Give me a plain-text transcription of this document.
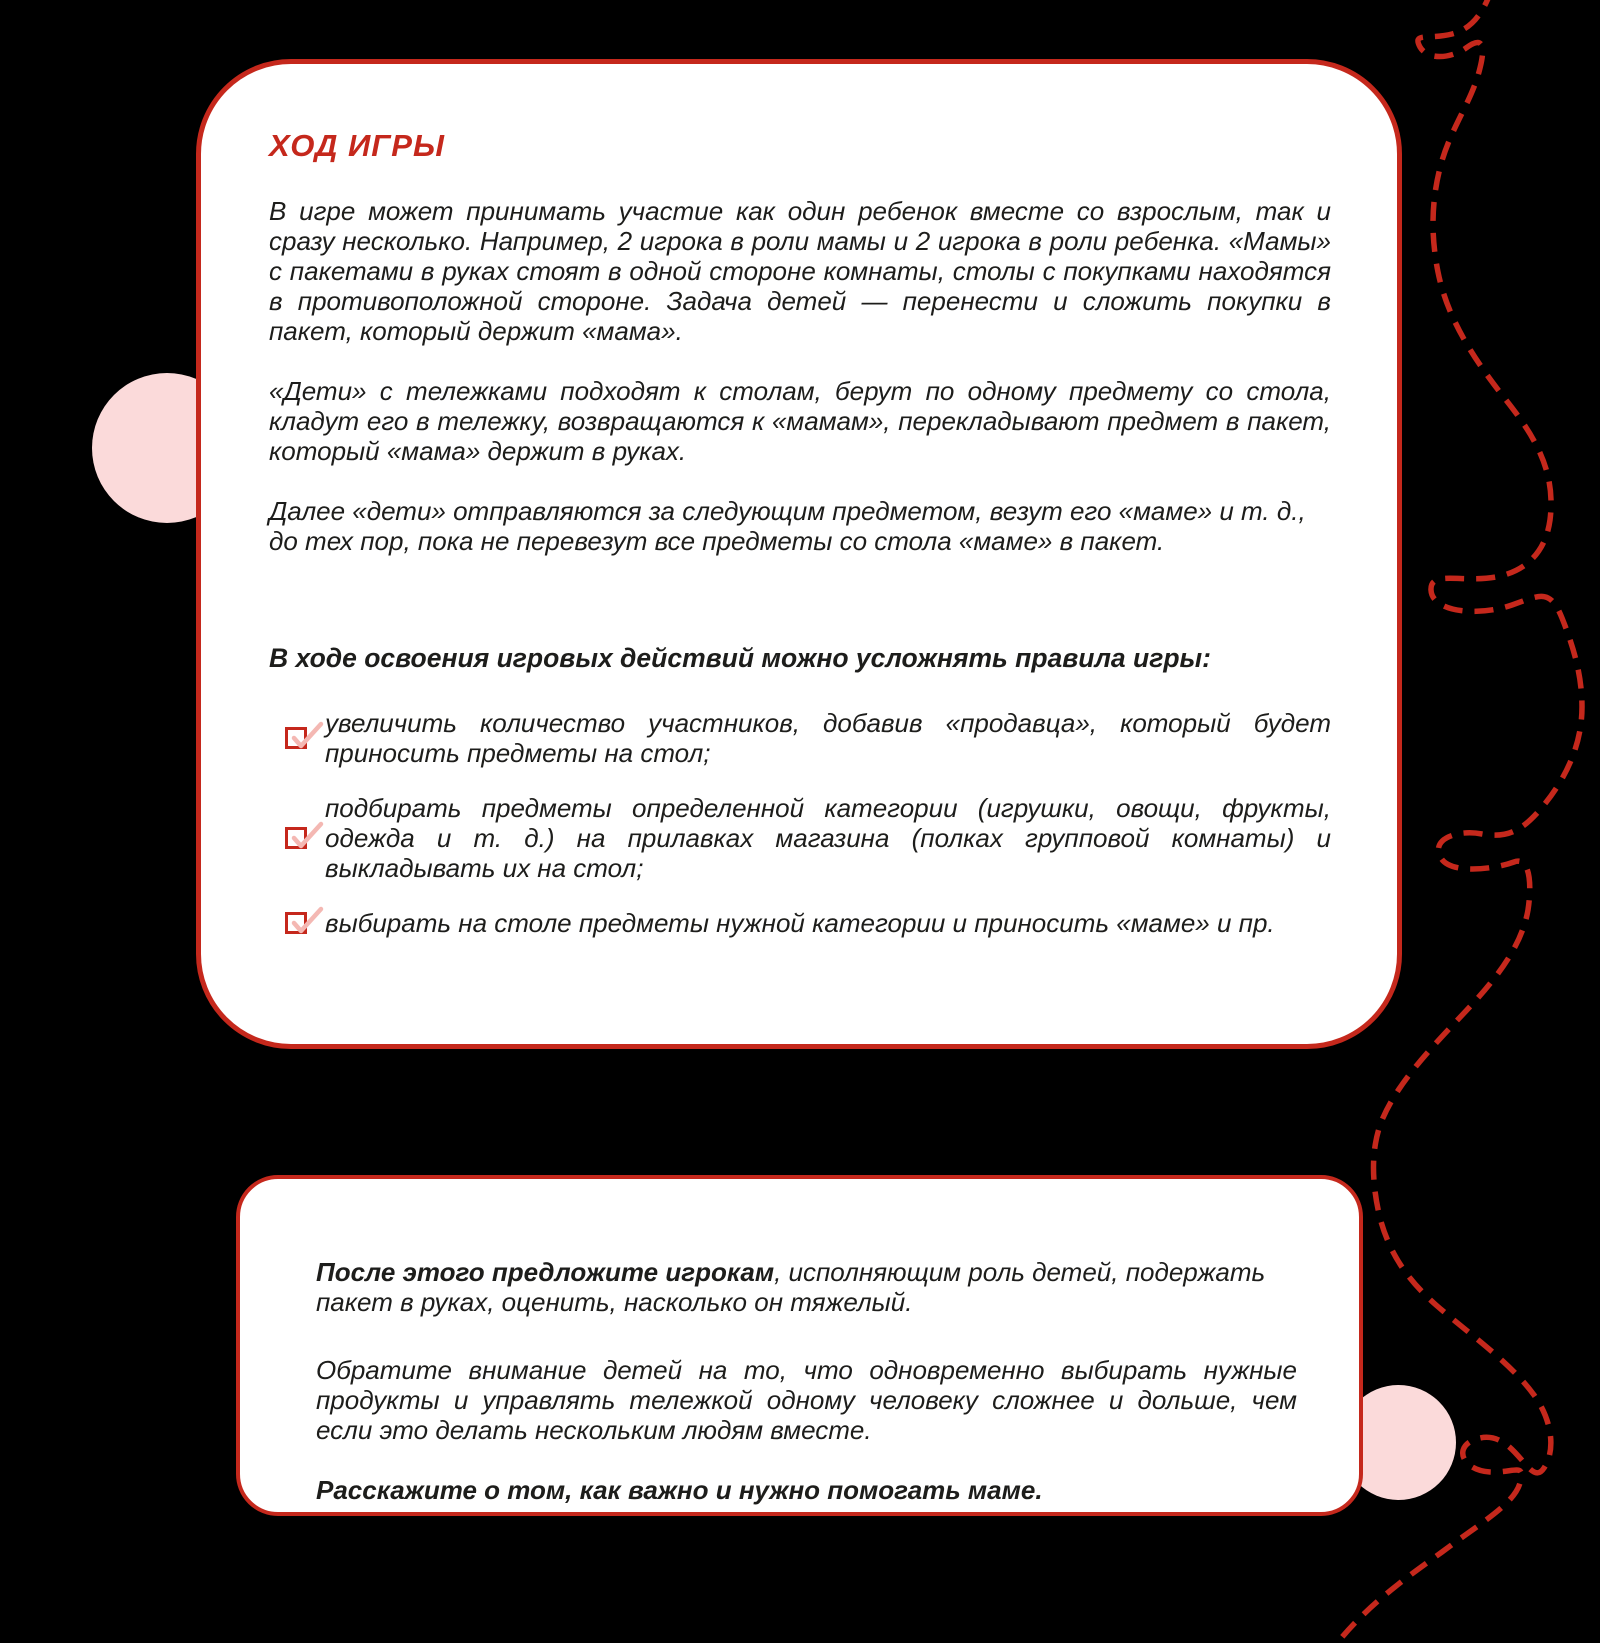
ХОД ИГРЫ

В игре может принимать участие как один ребенок вместе со взрослым, так и сразу несколько. Например, 2 игрока в роли мамы и 2 игрока в роли ребенка. «Мамы» с пакетами в руках стоят в одной стороне комнаты, столы с покупками находятся в противоположной стороне. Задача детей — перенести и сложить покупки в пакет, который держит «мама».

«Дети» с тележками подходят к столам, берут по одному предмету со стола, кладут его в тележку, возвращаются к «мамам», перекладывают предмет в пакет, который «мама» держит в руках.

Далее «дети» отправляются за следующим предметом, везут его «маме» и т. д., до тех пор, пока не перевезут все предметы со стола «маме» в пакет.

В ходе освоения игровых действий можно усложнять правила игры:
увеличить количество участников, добавив «продавца», который будет приносить предметы на стол;
подбирать предметы определенной категории (игрушки, овощи, фрукты, одежда и т. д.) на прилавках магазина (полках групповой комнаты) и выкладывать их на стол;
выбирать на столе предметы нужной категории и приносить «маме» и пр.

После этого предложите игрокам, исполняющим роль детей, подержать пакет в руках, оценить, насколько он тяжелый.

Обратите внимание детей на то, что одновременно выбирать нужные продукты и управлять тележкой одному человеку сложнее и дольше, чем если это делать нескольким людям вместе.

Расскажите о том, как важно и нужно помогать маме.
